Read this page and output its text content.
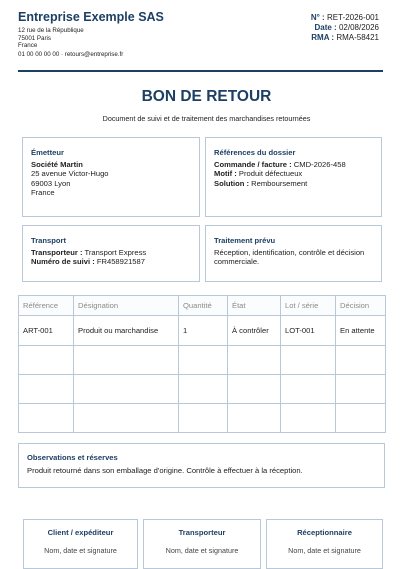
Entreprise Exemple SAS
12 rue de la République
75001 Paris
France
01 00 00 00 00 · retours@entreprise.fr
N° : RET-2026-001
Date : 02/08/2026
RMA : RMA-58421
BON DE RETOUR
Document de suivi et de traitement des marchandises retournées
Émetteur
Société Martin
25 avenue Victor-Hugo
69003 Lyon
France
Références du dossier
Commande / facture : CMD-2026-458
Motif : Produit défectueux
Solution : Remboursement
Transport
Transporteur : Transport Express
Numéro de suivi : FR458921587
Traitement prévu
Réception, identification, contrôle et décision commerciale.
Référence	Désignation	Quantité	État	Lot / série	Décision
ART-001	Produit ou marchandise	1	À contrôler	LOT-001	En attente

Observations et réserves
Produit retourné dans son emballage d'origine. Contrôle à effectuer à la réception.
Client / expéditeur
Nom, date et signature
Transporteur
Nom, date et signature
Réceptionnaire
Nom, date et signature
